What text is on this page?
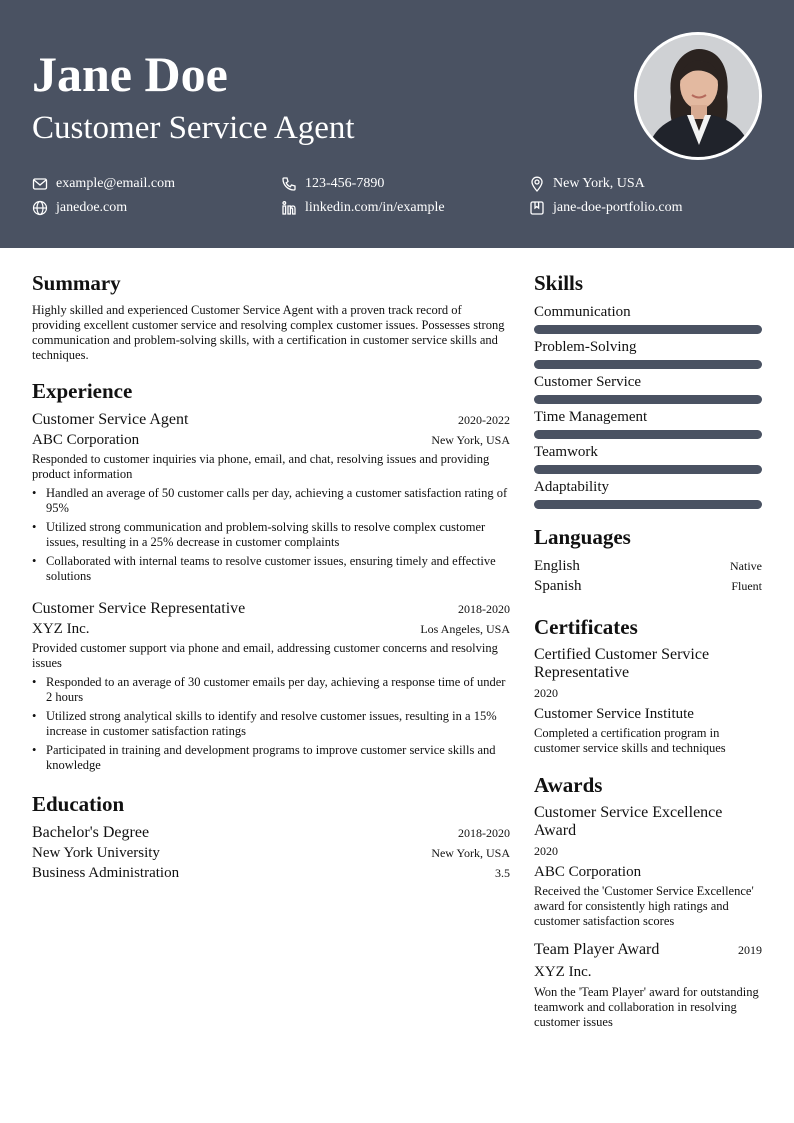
Jane Doe
Customer Service Agent
example@email.com	123-456-7890	New York, USA
janedoe.com	linkedin.com/in/example	jane-doe-portfolio.com
Summary
Highly skilled and experienced Customer Service Agent with a proven track record of providing excellent customer service and resolving complex customer issues. Possesses strong communication and problem-solving skills, with a certification in customer service skills and techniques.
Experience
Customer Service Agent	2020-2022
ABC Corporation	New York, USA
Responded to customer inquiries via phone, email, and chat, resolving issues and providing product information
• Handled an average of 50 customer calls per day, achieving a customer satisfaction rating of 95%
• Utilized strong communication and problem-solving skills to resolve complex customer issues, resulting in a 25% decrease in customer complaints
• Collaborated with internal teams to resolve customer issues, ensuring timely and effective solutions
Customer Service Representative	2018-2020
XYZ Inc.	Los Angeles, USA
Provided customer support via phone and email, addressing customer concerns and resolving issues
• Responded to an average of 30 customer emails per day, achieving a response time of under 2 hours
• Utilized strong analytical skills to identify and resolve customer issues, resulting in a 15% increase in customer satisfaction ratings
• Participated in training and development programs to improve customer service skills and knowledge
Education
Bachelor's Degree	2018-2020
New York University	New York, USA
Business Administration	3.5
Skills
Communication
Problem-Solving
Customer Service
Time Management
Teamwork
Adaptability
Languages
English	Native
Spanish	Fluent
Certificates
Certified Customer Service Representative
2020
Customer Service Institute
Completed a certification program in customer service skills and techniques
Awards
Customer Service Excellence Award
2020
ABC Corporation
Received the 'Customer Service Excellence' award for consistently high ratings and customer satisfaction scores
Team Player Award	2019
XYZ Inc.
Won the 'Team Player' award for outstanding teamwork and collaboration in resolving customer issues
